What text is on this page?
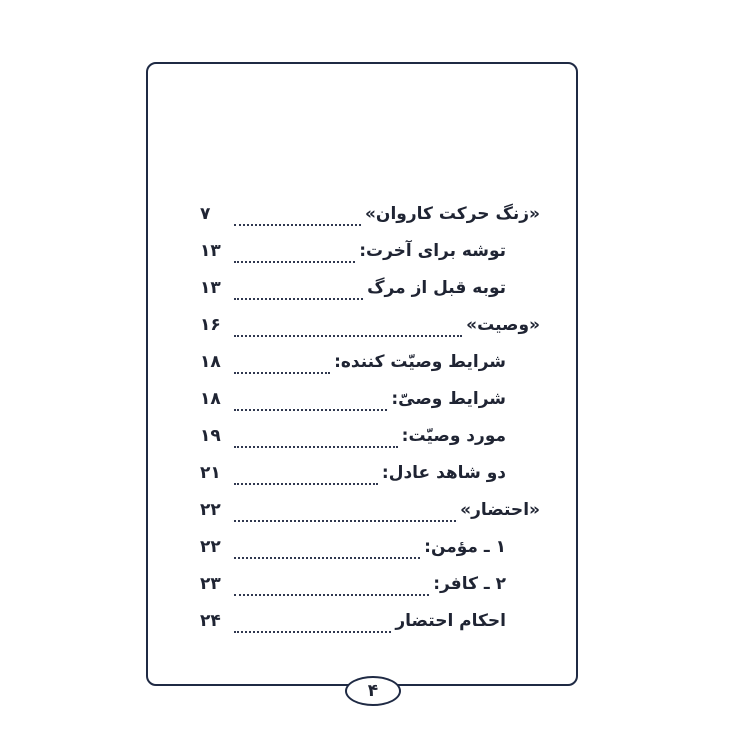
«زنگ حرکت کاروان»
۷
توشه برای آخرت:
۱۳
توبه قبل از مرگ
۱۳
«وصیت»
۱۶
شرایط وصیّت کننده:
۱۸
شرایط وصیّ:
۱۸
مورد وصیّت:
۱۹
دو شاهد عادل:
۲۱
«احتضار»
۲۲
۱ ـ مؤمن:
۲۲
۲ ـ کافر:
۲۳
احکام احتضار
۲۴
۴
